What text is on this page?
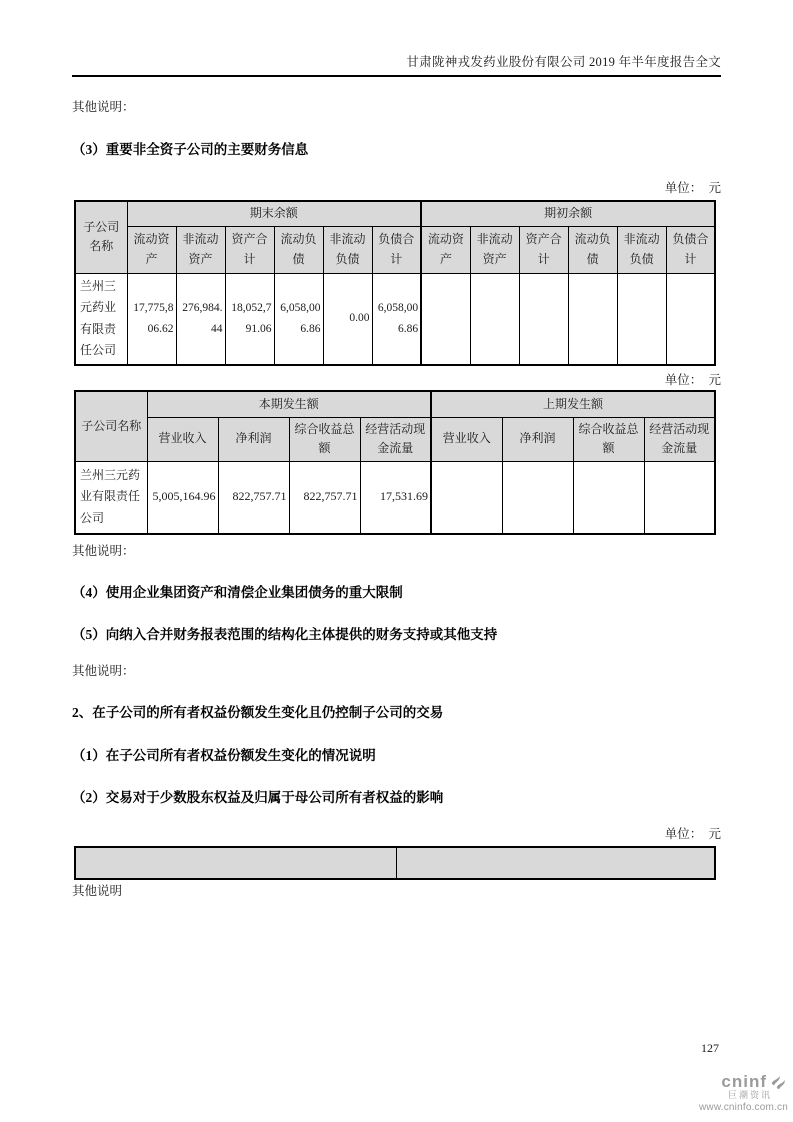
甘肃陇神戎发药业股份有限公司 2019 年半年度报告全文
其他说明：
（3）重要非全资子公司的主要财务信息
单位：　元
子公司名称	期末余额						期初余额					
	流动资产	非流动资产	资产合计	流动负债	非流动负债	负债合计	流动资产	非流动资产	资产合计	流动负债	非流动负债	负债合计
兰州三元药业有限责任公司	17,775,806.62	276,984.44	18,052,791.06	6,058,006.86	0.00	6,058,006.86						
单位：　元
子公司名称	本期发生额				上期发生额			
	营业收入	净利润	综合收益总额	经营活动现金流量	营业收入	净利润	综合收益总额	经营活动现金流量
兰州三元药业有限责任公司	5,005,164.96	822,757.71	822,757.71	17,531.69				
其他说明：
（4）使用企业集团资产和清偿企业集团债务的重大限制
（5）向纳入合并财务报表范围的结构化主体提供的财务支持或其他支持
其他说明：
2、在子公司的所有者权益份额发生变化且仍控制子公司的交易
（1）在子公司所有者权益份额发生变化的情况说明
（2）交易对于少数股东权益及归属于母公司所有者权益的影响
单位：　元

其他说明
127
cninf
巨潮资讯
www.cninfo.com.cn
